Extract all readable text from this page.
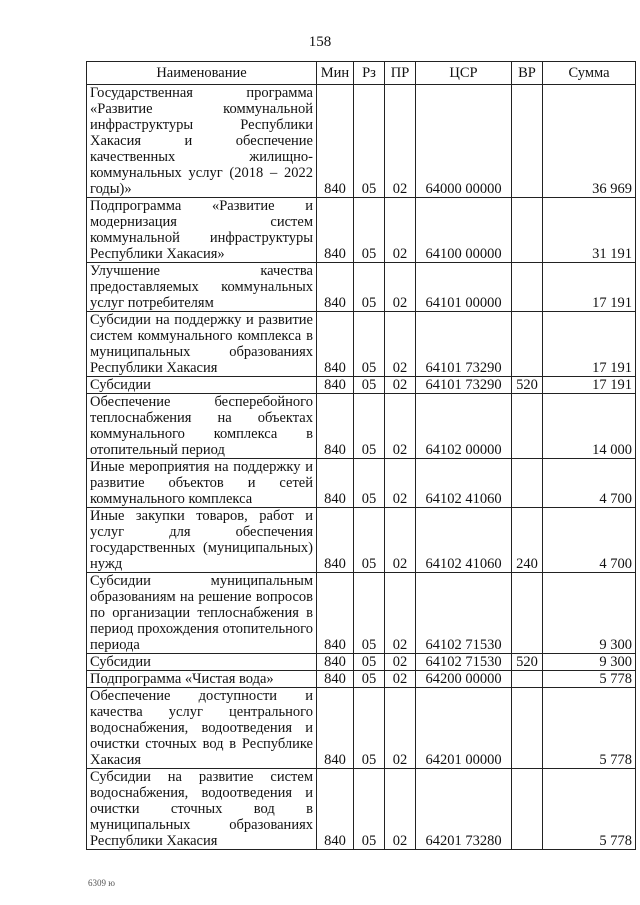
158
Наименование	Мин	Рз	ПР	ЦСР	ВР	Сумма
Государственная программа «Развитие коммунальной инфраструктуры Республики Хакасия и обеспечение качественных жилищно-коммунальных услуг (2018 – 2022 годы)»	840	05	02	64000 00000		36 969
Подпрограмма «Развитие и модернизация систем коммунальной инфраструктуры Республики Хакасия»	840	05	02	64100 00000		31 191
Улучшение качества предоставляемых коммунальных услуг потребителям	840	05	02	64101 00000		17 191
Субсидии на поддержку и развитие систем коммунального комплекса в муниципальных образованиях Республики Хакасия	840	05	02	64101 73290		17 191
Субсидии	840	05	02	64101 73290	520	17 191
Обеспечение бесперебойного теплоснабжения на объектах коммунального комплекса в отопительный период	840	05	02	64102 00000		14 000
Иные мероприятия на поддержку и развитие объектов и сетей коммунального комплекса	840	05	02	64102 41060		4 700
Иные закупки товаров, работ и услуг для обеспечения государственных (муниципальных) нужд	840	05	02	64102 41060	240	4 700
Субсидии муниципальным образованиям на решение вопросов по организации теплоснабжения в период прохождения отопительного периода	840	05	02	64102 71530		9 300
Субсидии	840	05	02	64102 71530	520	9 300
Подпрограмма «Чистая вода»	840	05	02	64200 00000		5 778
Обеспечение доступности и качества услуг центрального водоснабжения, водоотведения и очистки сточных вод в Республике Хакасия	840	05	02	64201 00000		5 778
Субсидии на развитие систем водоснабжения, водоотведения и очистки сточных вод в муниципальных образованиях Республики Хакасия	840	05	02	64201 73280		5 778
6309 ю
